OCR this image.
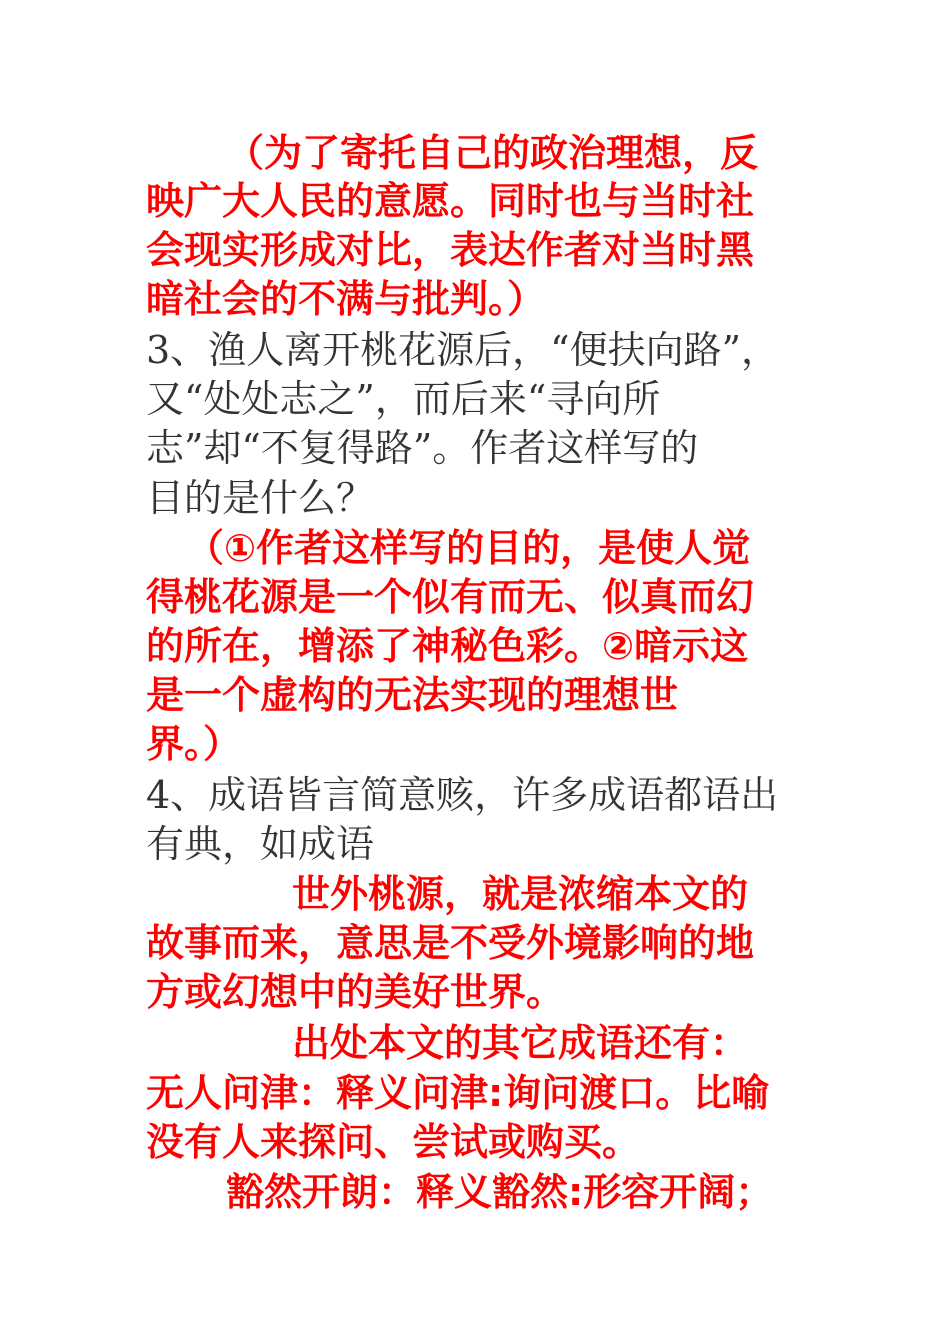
（为了寄托自己的政治理想，反
映广大人民的意愿。同时也与当时社
会现实形成对比，表达作者对当时黑
暗社会的不满与批判。）
3、渔人离开桃花源后，“便扶向路”，
又“处处志之”，而后来“寻向所
志”却“不复得路”。作者这样写的
目的是什么？
（①作者这样写的目的，是使人觉
得桃花源是一个似有而无、似真而幻
的所在，增添了神秘色彩。②暗示这
是一个虚构的无法实现的理想世
界。）
4、成语皆言简意赅，许多成语都语出
有典，如成语
世外桃源，就是浓缩本文的
故事而来，意思是不受外境影响的地
方或幻想中的美好世界。
出处本文的其它成语还有：
无人问津：释义问津:询问渡口。比喻
没有人来探问、尝试或购买。
豁然开朗：释义豁然:形容开阔；
